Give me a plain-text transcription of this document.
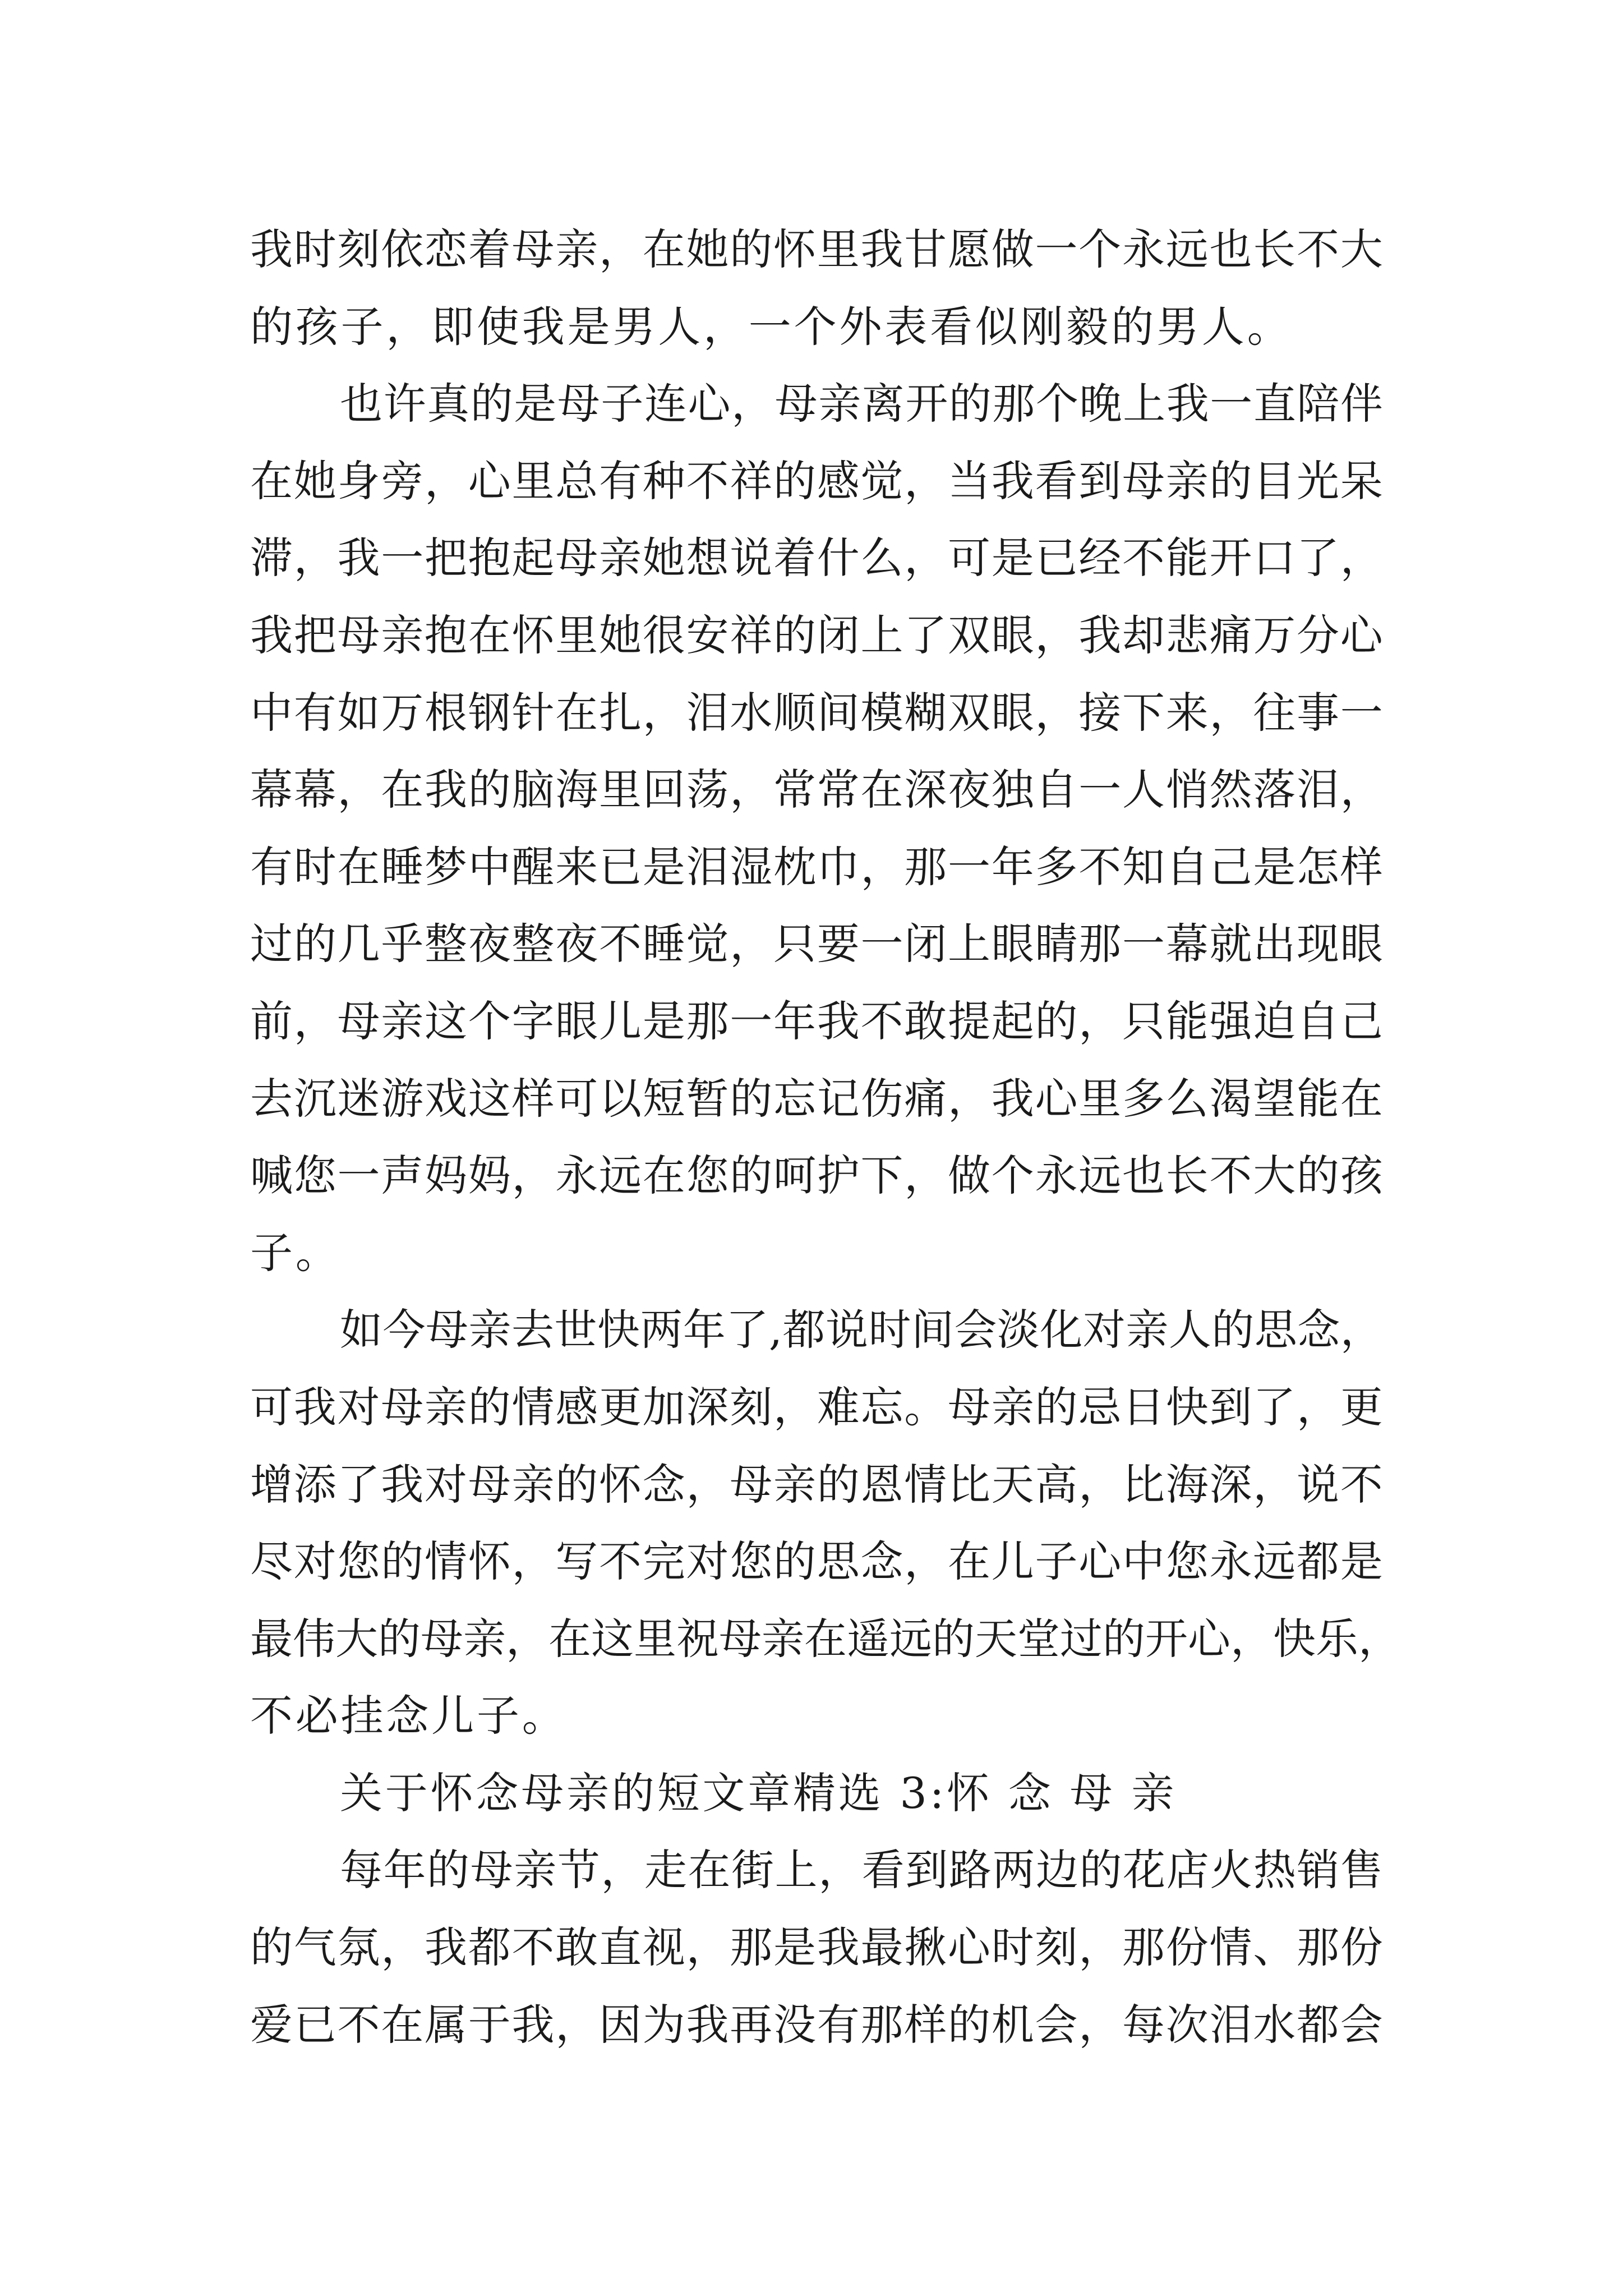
我 时 刻 依 恋 着 母 亲 ， 在 她 的 怀 里 我 甘 愿 做 一 个 永 远 也 长 不 大
的孩子，即使我是男人，一个外表看似刚毅的男人。
也 许 真 的 是 母 子 连 心 ， 母 亲 离 开 的 那 个 晚 上 我 一 直 陪 伴
在 她 身 旁 ， 心 里 总 有 种 不 祥 的 感 觉 ， 当 我 看 到 母 亲 的 目 光 呆
滞 ， 我 一 把 抱 起 母 亲 她 想 说 着 什 么 ， 可 是 已 经 不 能 开 口 了 ，
我 把 母 亲 抱 在 怀 里 她 很 安 祥 的 闭 上 了 双 眼 ， 我 却 悲 痛 万 分 心
中 有 如 万 根 钢 针 在 扎 ， 泪 水 顺 间 模 糊 双 眼 ， 接 下 来 ， 往 事 一
幕 幕 ， 在 我 的 脑 海 里 回 荡 ， 常 常 在 深 夜 独 自 一 人 悄 然 落 泪 ，
有 时 在 睡 梦 中 醒 来 已 是 泪 湿 枕 巾 ， 那 一 年 多 不 知 自 己 是 怎 样
过 的 几 乎 整 夜 整 夜 不 睡 觉 ， 只 要 一 闭 上 眼 睛 那 一 幕 就 出 现 眼
前 ， 母 亲 这 个 字 眼 儿 是 那 一 年 我 不 敢 提 起 的 ， 只 能 强 迫 自 己
去 沉 迷 游 戏 这 样 可 以 短 暂 的 忘 记 伤 痛 ， 我 心 里 多 么 渴 望 能 在
喊 您 一 声 妈 妈 ， 永 远 在 您 的 呵 护 下 ， 做 个 永 远 也 长 不 大 的 孩
子。
如 今 母 亲 去 世 快 两 年 了 , 都 说 时 间 会 淡 化 对 亲 人 的 思 念 ，
可 我 对 母 亲 的 情 感 更 加 深 刻 ， 难 忘 。 母 亲 的 忌 日 快 到 了 ， 更
增 添 了 我 对 母 亲 的 怀 念 ， 母 亲 的 恩 情 比 天 高 ， 比 海 深 ， 说 不
尽 对 您 的 情 怀 ， 写 不 完 对 您 的 思 念 ， 在 儿 子 心 中 您 永 远 都 是
最 伟 大 的 母 亲 ， 在 这 里 祝 母 亲 在 遥 远 的 天 堂 过 的 开 心 ， 快 乐 ，
不必挂念儿子。
关于怀念母亲的短文章精选 3:怀 念 母 亲
每 年 的 母 亲 节 ， 走 在 街 上 ， 看 到 路 两 边 的 花 店 火 热 销 售
的 气 氛 ， 我 都 不 敢 直 视 ， 那 是 我 最 揪 心 时 刻 ， 那 份 情 、 那 份
爱 已 不 在 属 于 我 ， 因 为 我 再 没 有 那 样 的 机 会 ， 每 次 泪 水 都 会
